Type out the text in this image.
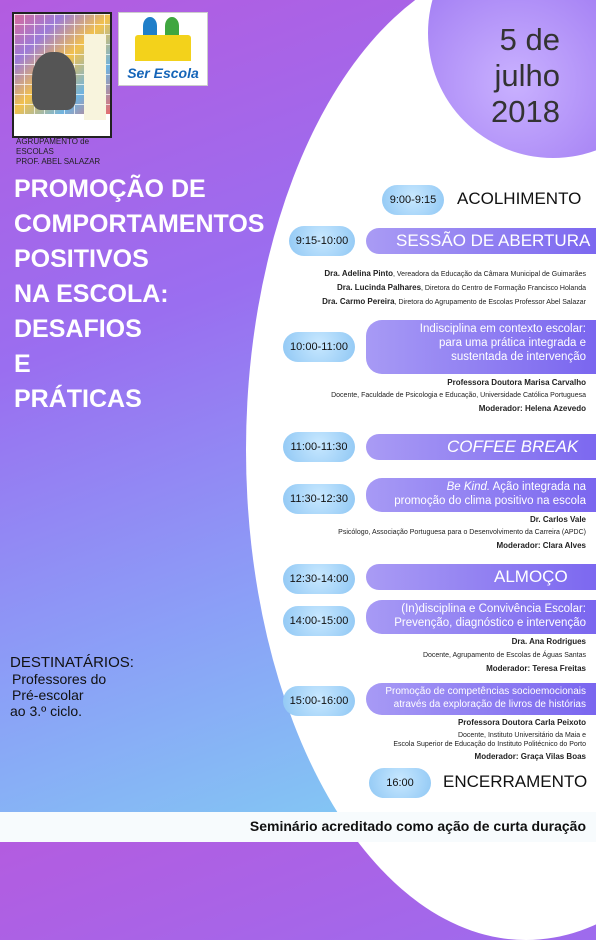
5 de
julho
2018
AGRUPAMENTO de ESCOLAS
PROF. ABEL SALAZAR
Ser Escola
PROMOÇÃO DE
COMPORTAMENTOS
POSITIVOS
NA ESCOLA:
DESAFIOS
E
PRÁTICAS
DESTINATÁRIOS:
Professores do
Pré-escolar
ao 3.º ciclo.
9:00-9:15	ACOLHIMENTO
SESSÃO DE ABERTURA
9:15-10:00
Dra. Adelina Pinto, Vereadora da Educação da Câmara Municipal de Guimarães
Dra. Lucinda Palhares, Diretora do Centro de Formação Francisco Holanda
Dra. Carmo Pereira, Diretora do Agrupamento de Escolas Professor Abel Salazar
Indisciplina em contexto escolar:
para uma prática integrada e
sustentada de intervenção
10:00-11:00
Professora Doutora Marisa Carvalho
Docente, Faculdade de Psicologia e Educação, Universidade Católica Portuguesa
Moderador: Helena Azevedo
COFFEE BREAK
11:00-11:30
Be Kind. Ação integrada na
promoção do clima positivo na escola
11:30-12:30
Dr. Carlos Vale
Psicólogo, Associação Portuguesa para o Desenvolvimento da Carreira (APDC)
Moderador: Clara Alves
ALMOÇO
12:30-14:00
(In)disciplina e Convivência Escolar:
Prevenção, diagnóstico e intervenção
14:00-15:00
Dra. Ana Rodrigues
Docente, Agrupamento de Escolas de Águas Santas
Moderador: Teresa Freitas
Promoção de competências socioemocionais
através da exploração de livros de histórias
15:00-16:00
Professora Doutora Carla Peixoto
Docente, Instituto Universitário da Maia e
Escola Superior de Educação do Instituto Politécnico do Porto
Moderador: Graça Vilas Boas
16:00	ENCERRAMENTO
Seminário acreditado como ação de curta duração
